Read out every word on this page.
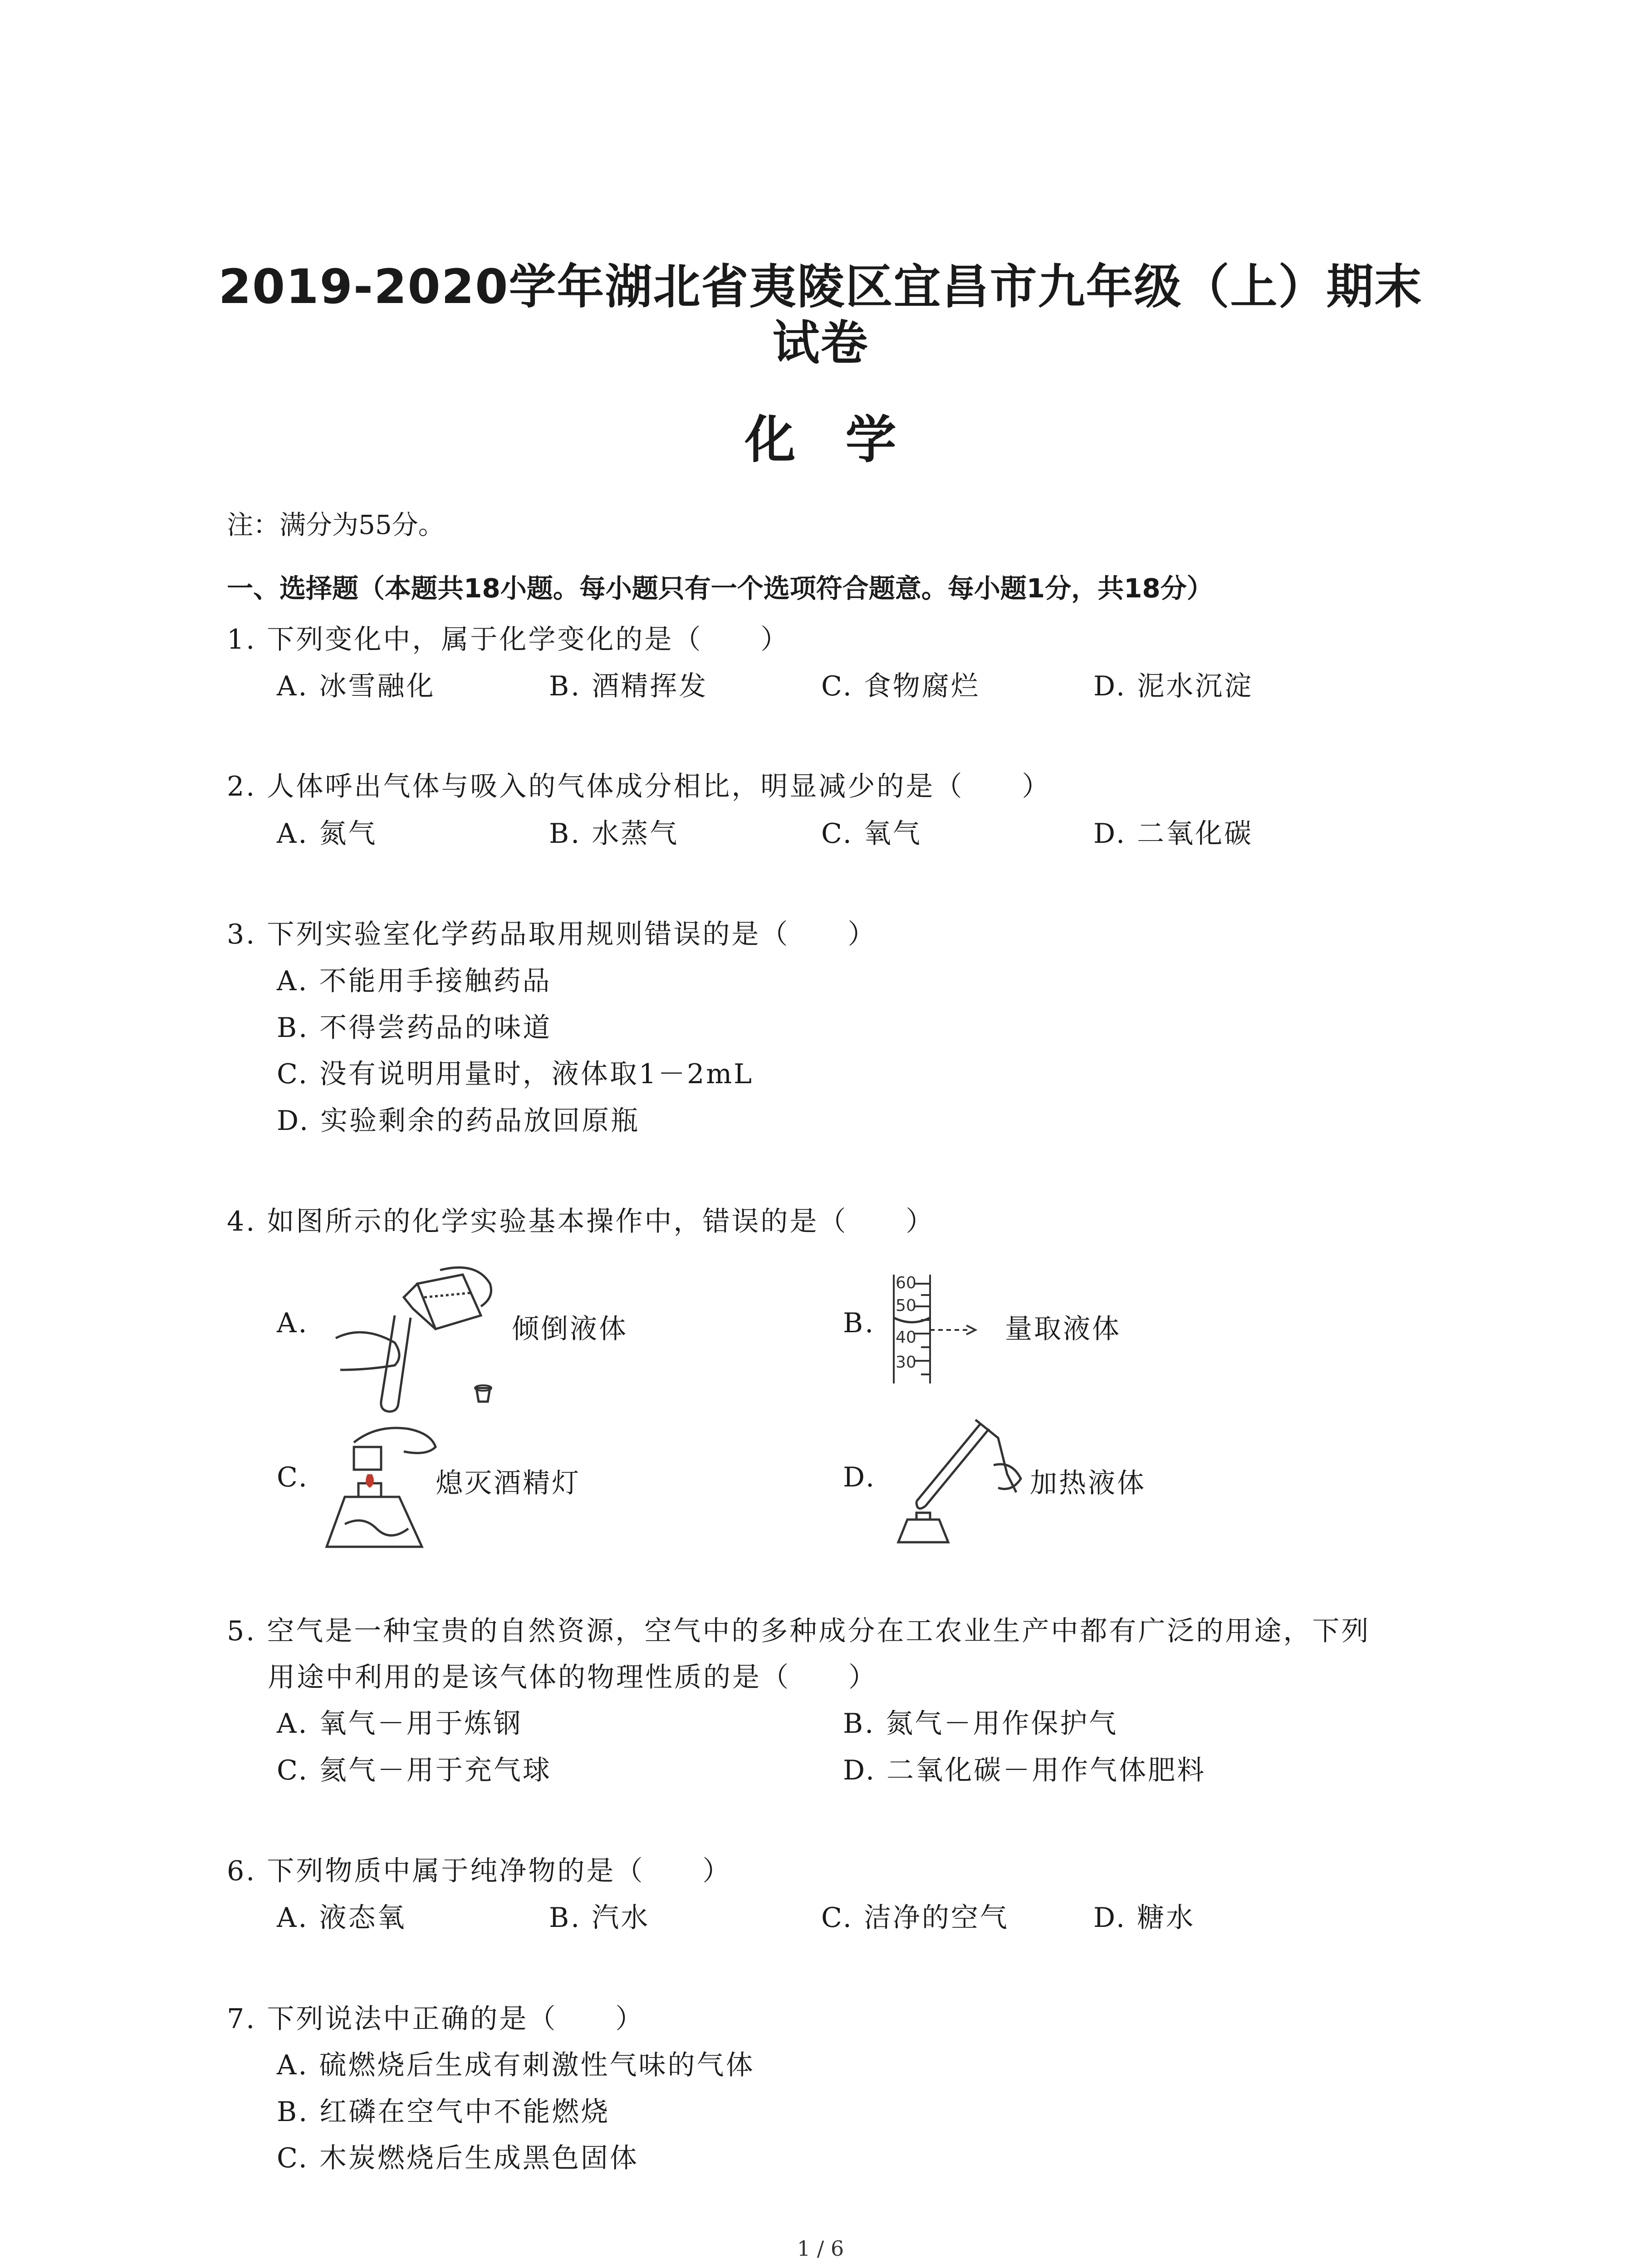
2019-2020学年湖北省夷陵区宜昌市九年级（上）期末
试卷
化学
注：满分为55分。
一、选择题（本题共18小题。每小题只有一个选项符合题意。每小题1分，共18分）
1. 下列变化中，属于化学变化的是（　　）
A. 冰雪融化	B. 酒精挥发	C. 食物腐烂	D. 泥水沉淀
2. 人体呼出气体与吸入的气体成分相比，明显减少的是（　　）
A. 氮气	B. 水蒸气	C. 氧气	D. 二氧化碳
3. 下列实验室化学药品取用规则错误的是（　　）
A. 不能用手接触药品
B. 不得尝药品的味道
C. 没有说明用量时，液体取1－2mL
D. 实验剩余的药品放回原瓶
4. 如图所示的化学实验基本操作中，错误的是（　　）
A.	倾倒液体	B.
60
50
40
30
量取液体
C.	熄灭酒精灯	D.	加热液体
5. 空气是一种宝贵的自然资源，空气中的多种成分在工农业生产中都有广泛的用途，下列
用途中利用的是该气体的物理性质的是（　　）
A. 氧气－用于炼钢	B. 氮气－用作保护气
C. 氦气－用于充气球	D. 二氧化碳－用作气体肥料
6. 下列物质中属于纯净物的是（　　）
A. 液态氧	B. 汽水	C. 洁净的空气	D. 糖水
7. 下列说法中正确的是（　　）
A. 硫燃烧后生成有刺激性气味的气体
B. 红磷在空气中不能燃烧
C. 木炭燃烧后生成黑色固体
1 / 6
